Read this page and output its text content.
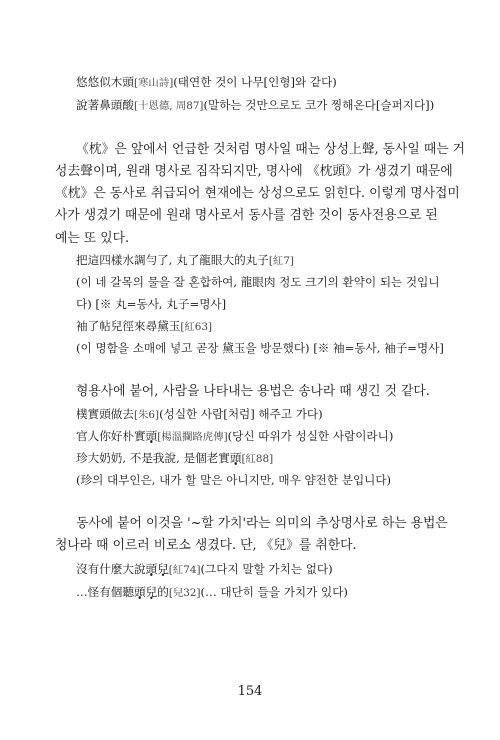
悠悠似木頭[寒山詩](태연한 것이 나무[인형]와 같다)
說著鼻頭酸[十恩德, 周87](말하는 것만으로도 코가 찡해온다[슬퍼지다])
《枕》은 앞에서 언급한 것처럼 명사일 때는 상성上聲, 동사일 때는 거
성去聲이며, 원래 명사로 짐작되지만, 명사에 《枕頭》가 생겼기 때문에
《枕》은 동사로 취급되어 현재에는 상성으로도 읽힌다. 이렇게 명사접미
사가 생겼기 때문에 원래 명사로서 동사를 겸한 것이 동사전용으로 된
예는 또 있다.
把這四樣水調勻了, 丸了龍眼大的丸子[紅7]
(이 네 갈목의 물을 잘 혼합하여, 龍眼肉 정도 크기의 환약이 되는 것입니
다) [※ 丸=동사, 丸子=명사]
袖了帖兒徑來尋黛玉[紅63]
(이 명함을 소매에 넣고 곧장 黛玉을 방문했다) [※ 袖=동사, 袖子=명사]
형용사에 붙어, 사람을 나타내는 용법은 송나라 때 생긴 것 같다.
樸實頭做去[朱6](성실한 사람[처럼] 해주고 가다)
官人你好朴實頭[楊溫攔路虎傳](당신 따위가 성실한 사람이라니)
珍大奶奶, 不是我說, 是個老實頭[紅88]
(珍의 대부인은, 내가 할 말은 아니지만, 매우 얌전한 분입니다)
동사에 붙어 이것을 '~할 가치'라는 의미의 추상명사로 하는 용법은
청나라 때 이르러 비로소 생겼다. 단, 《兒》를 취한다.
沒有什麼大說頭兒[紅74](그다지 말할 가치는 없다)
…怪有個聽頭兒的[兒32](… 대단히 들을 가치가 있다)
154
